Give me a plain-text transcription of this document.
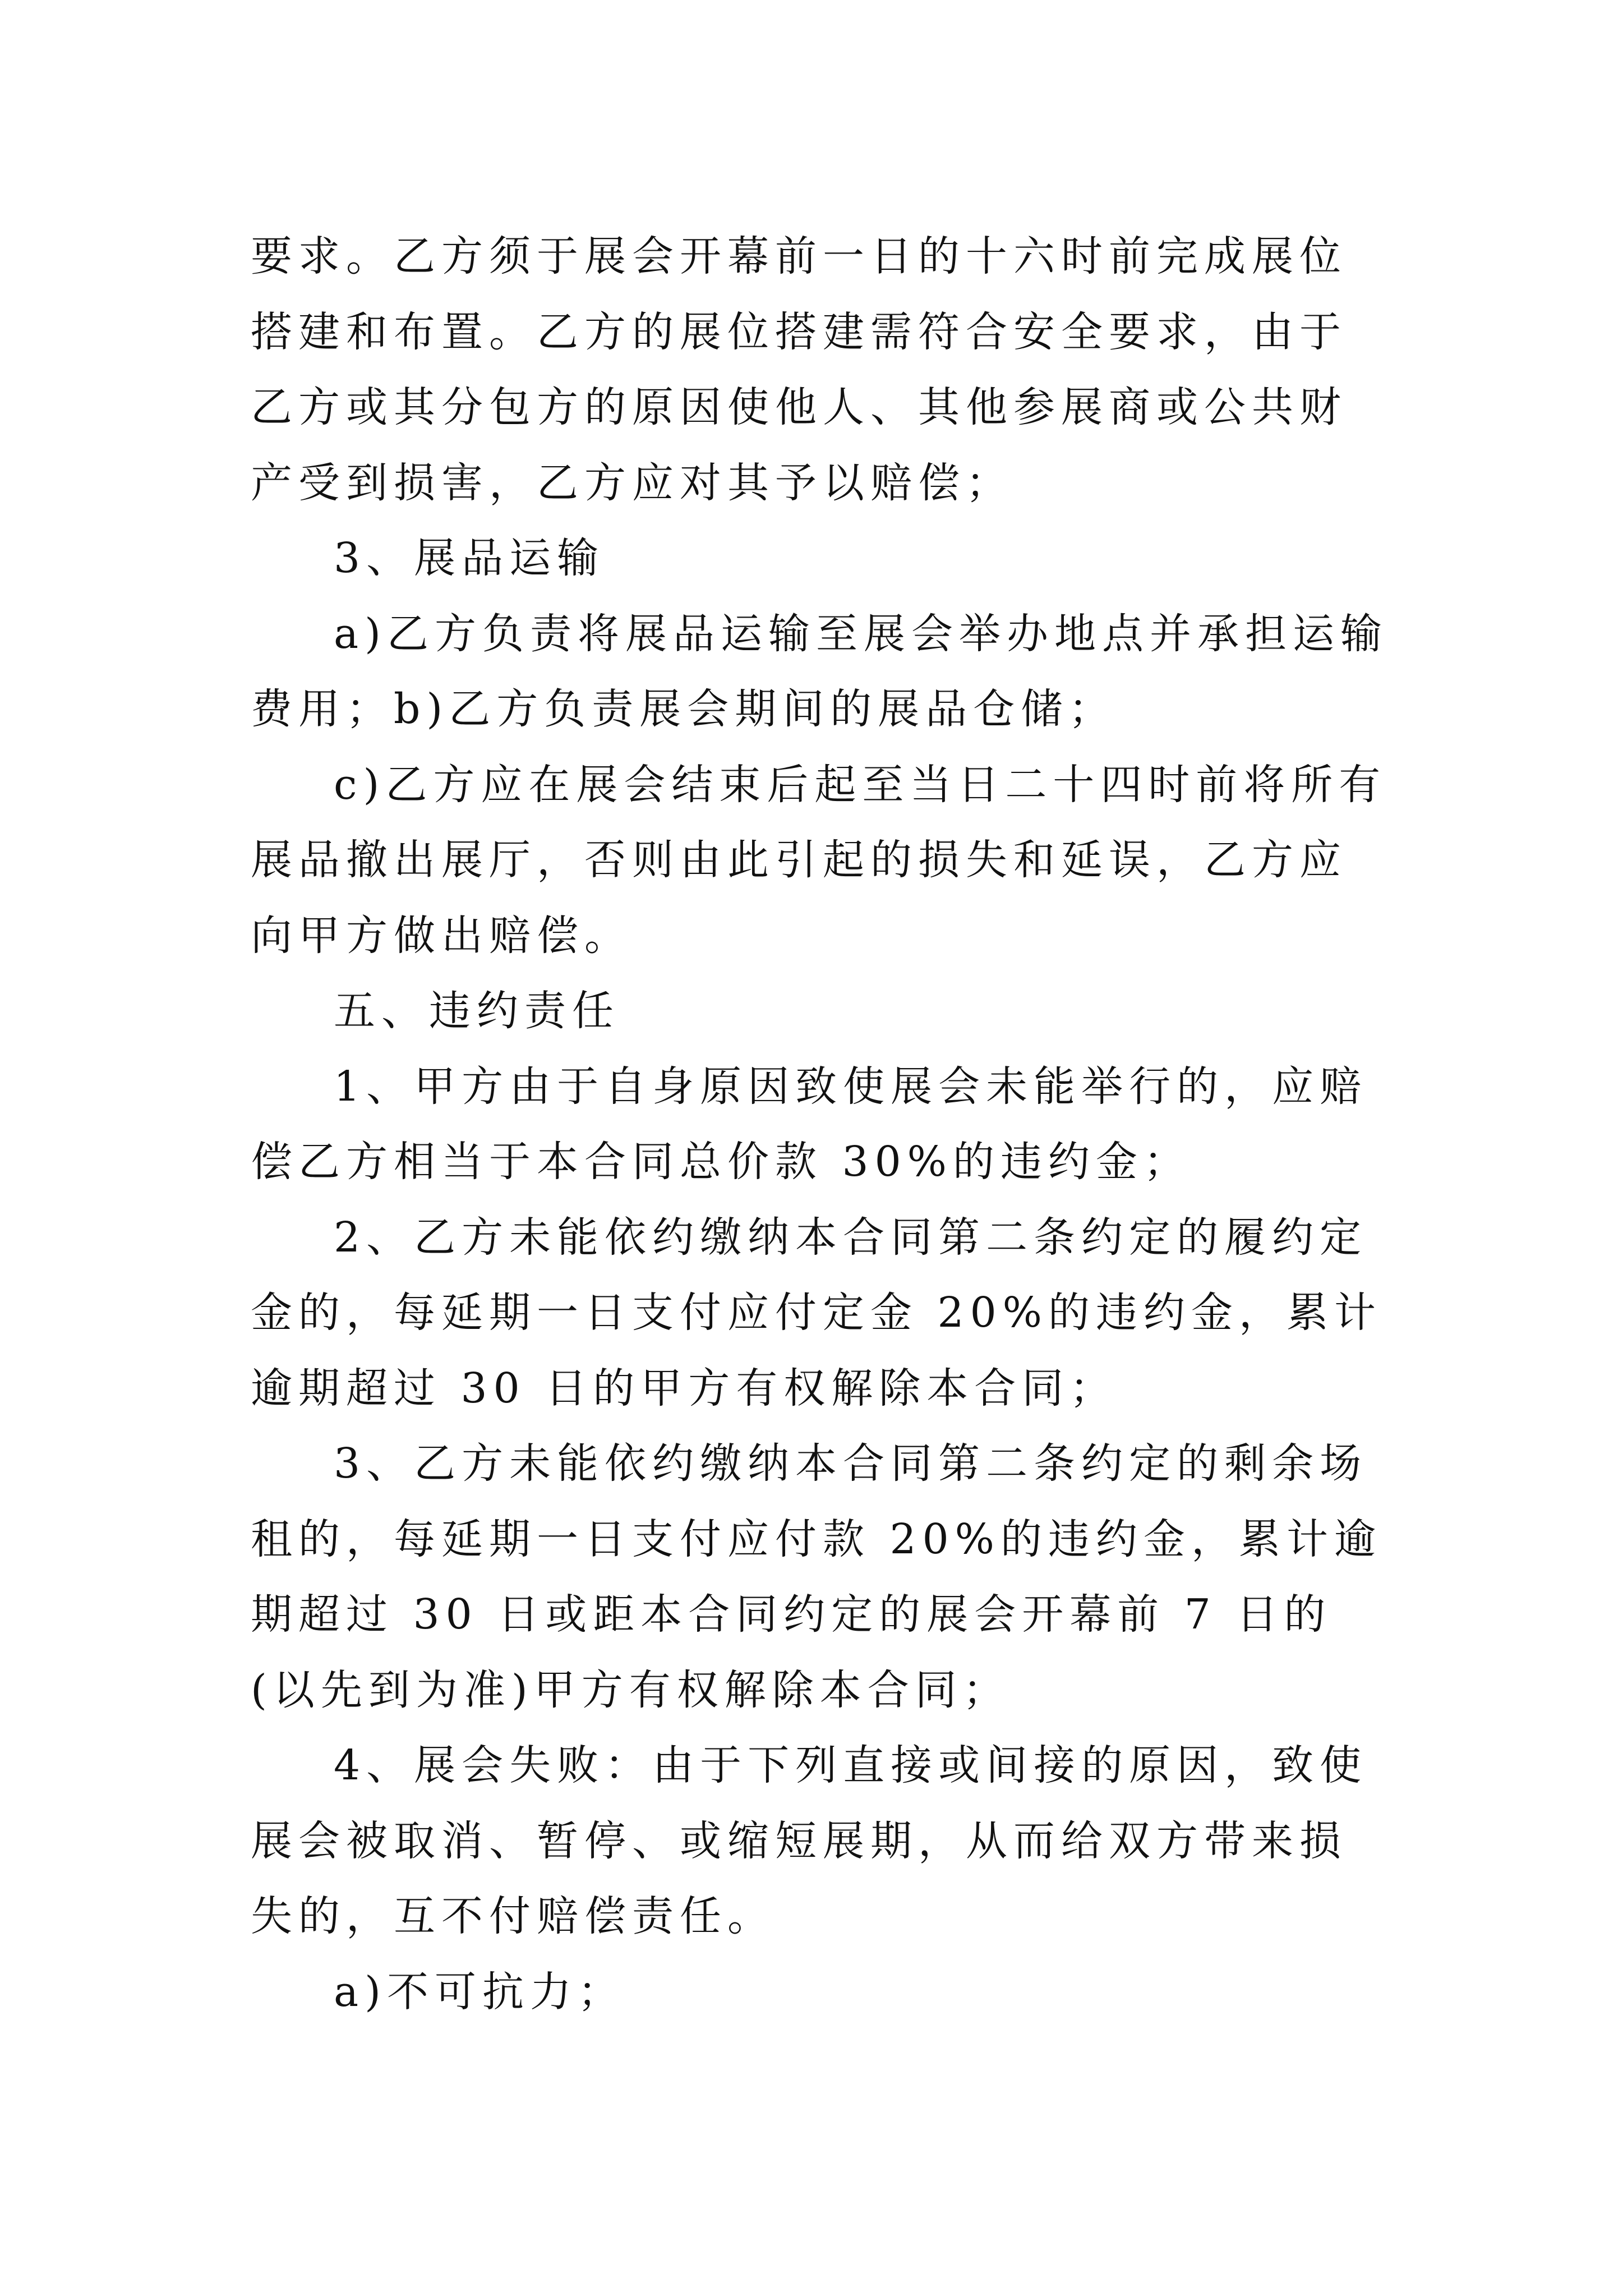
要求。乙方须于展会开幕前一日的十六时前完成展位搭建和布置。乙方的展位搭建需符合安全要求，由于乙方或其分包方的原因使他人、其他参展商或公共财产受到损害，乙方应对其予以赔偿；

3、展品运输

a)乙方负责将展品运输至展会举办地点并承担运输费用；b)乙方负责展会期间的展品仓储；

c)乙方应在展会结束后起至当日二十四时前将所有展品撤出展厅，否则由此引起的损失和延误，乙方应向甲方做出赔偿。

五、违约责任

1、甲方由于自身原因致使展会未能举行的，应赔偿乙方相当于本合同总价款 30%的违约金；

2、乙方未能依约缴纳本合同第二条约定的履约定金的，每延期一日支付应付定金 20%的违约金，累计逾期超过 30 日的甲方有权解除本合同；

3、乙方未能依约缴纳本合同第二条约定的剩余场租的，每延期一日支付应付款 20%的违约金，累计逾期超过 30 日或距本合同约定的展会开幕前 7 日的(以先到为准)甲方有权解除本合同；

4、展会失败：由于下列直接或间接的原因，致使展会被取消、暂停、或缩短展期，从而给双方带来损失的，互不付赔偿责任。

a)不可抗力；
